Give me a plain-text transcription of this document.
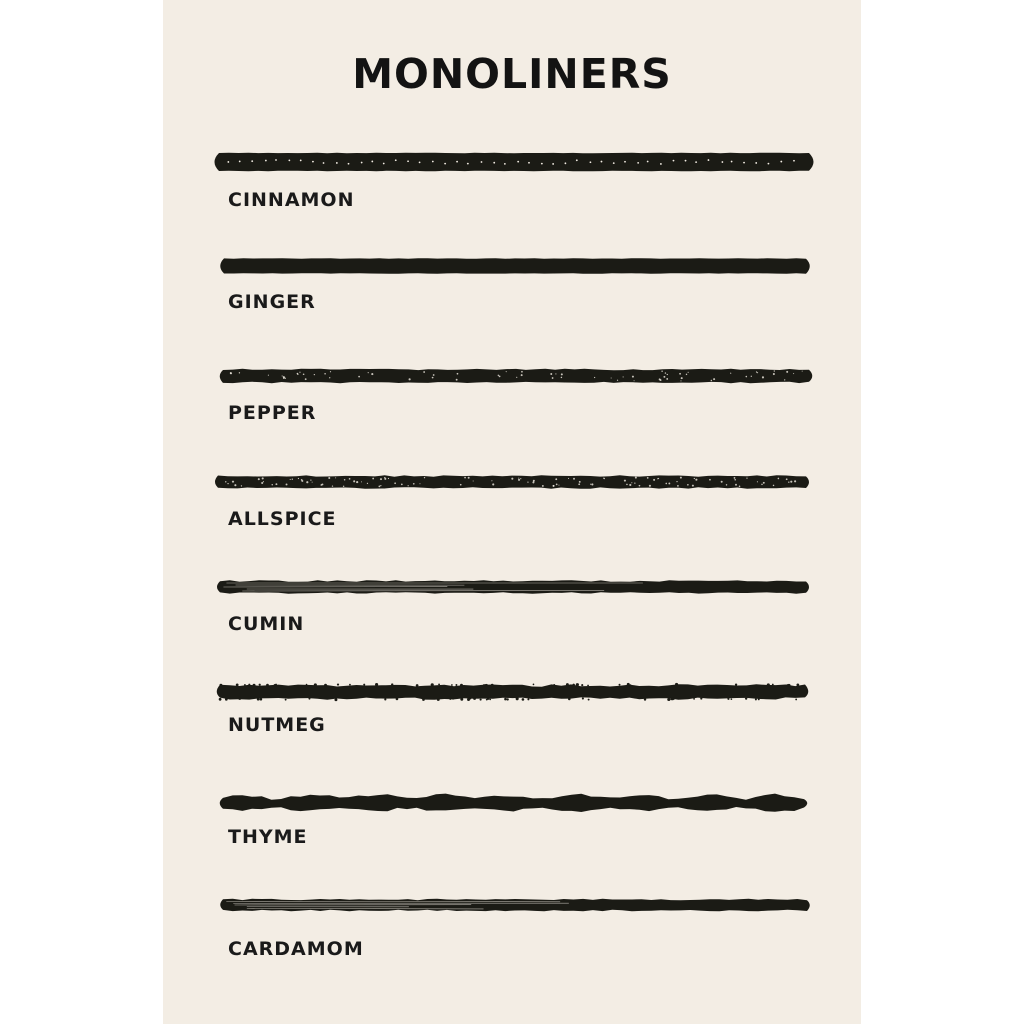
MONOLINERS
CINNAMON
GINGER
PEPPER
ALLSPICE
CUMIN
NUTMEG
THYME
CARDAMOM
